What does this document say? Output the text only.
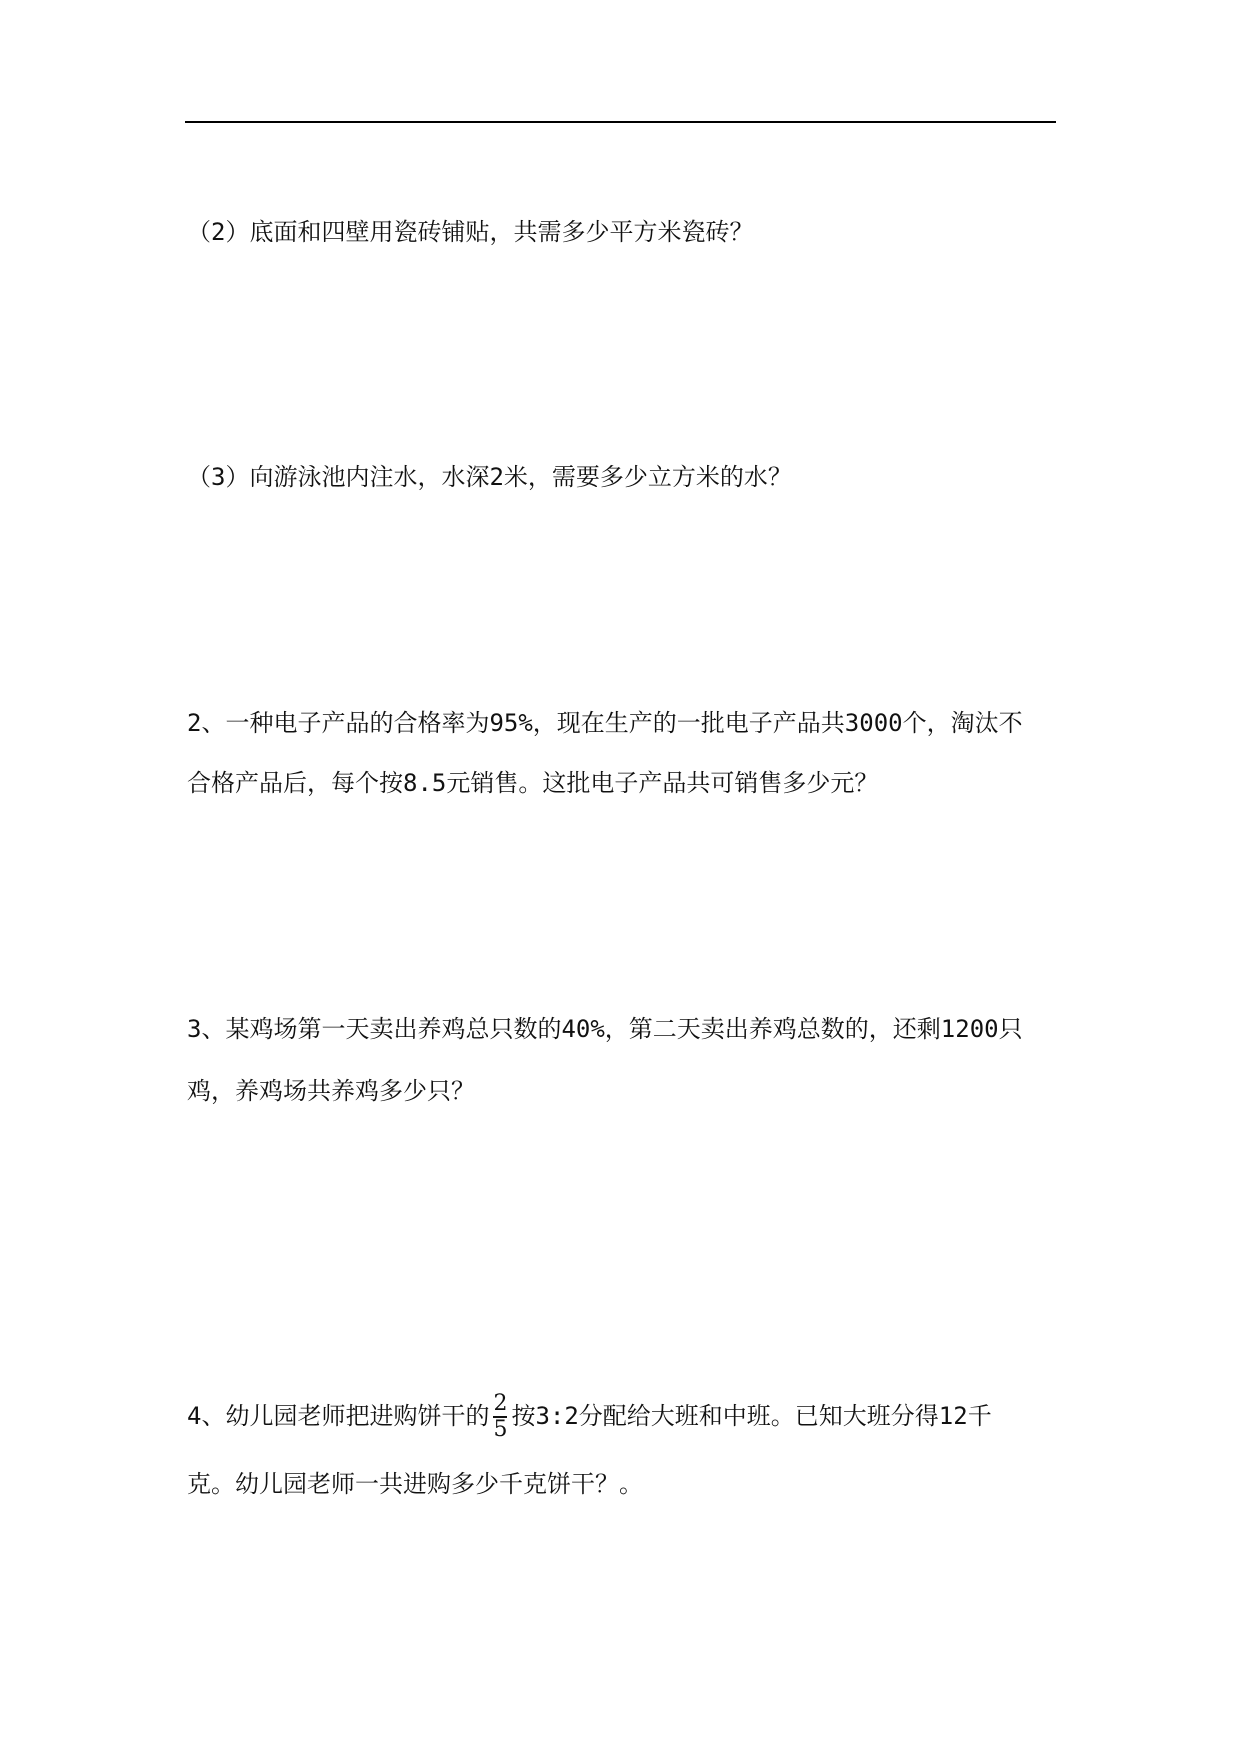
（2）底面和四壁用瓷砖铺贴，共需多少平方米瓷砖？
（3）向游泳池内注水，水深2米，需要多少立方米的水？
2、一种电子产品的合格率为95%，现在生产的一批电子产品共3000个，淘汰不
合格产品后，每个按8.5元销售。这批电子产品共可销售多少元？
3、某鸡场第一天卖出养鸡总只数的40%，第二天卖出养鸡总数的，还剩1200只
鸡，养鸡场共养鸡多少只？
4、幼儿园老师把进购饼干的 $\frac{2}{5}$ 按3:2分配给大班和中班。已知大班分得12千
克。幼儿园老师一共进购多少千克饼干？。
